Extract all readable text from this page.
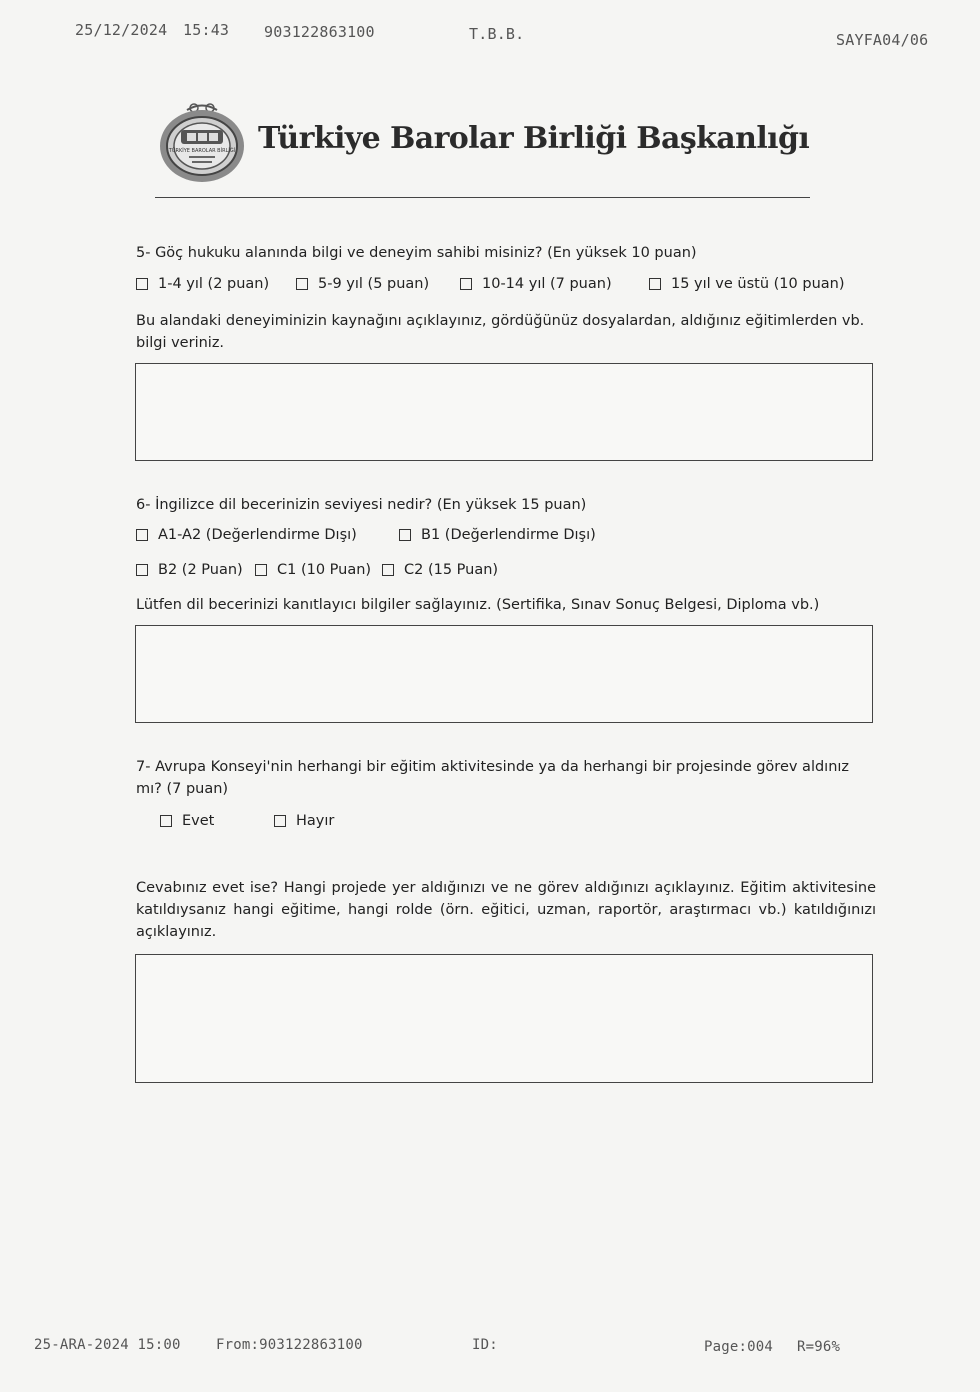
25/12/2024 15:43 903122863100	T.B.B.	SAYFA04/06
TÜRKİYE BAROLAR BİRLİĞİ Türkiye Barolar Birliği Başkanlığı
5- Göç hukuku alanında bilgi ve deneyim sahibi misiniz? (En yüksek 10 puan)
1-4 yıl (2 puan)	5-9 yıl (5 puan)	10-14 yıl (7 puan)	15 yıl ve üstü (10 puan)
Bu alandaki deneyiminizin kaynağını açıklayınız, gördüğünüz dosyalardan, aldığınız eğitimlerden vb. bilgi veriniz.
6- İngilizce dil becerinizin seviyesi nedir? (En yüksek 15 puan)
A1-A2 (Değerlendirme Dışı)	B1 (Değerlendirme Dışı)
B2 (2 Puan) C1 (10 Puan) C2 (15 Puan)
Lütfen dil becerinizi kanıtlayıcı bilgiler sağlayınız. (Sertifika, Sınav Sonuç Belgesi, Diploma vb.)
7- Avrupa Konseyi'nin herhangi bir eğitim aktivitesinde ya da herhangi bir projesinde görev aldınız mı? (7 puan)
Evet	Hayır
Cevabınız evet ise? Hangi projede yer aldığınızı ve ne görev aldığınızı açıklayınız. Eğitim aktivitesine katıldıysanız hangi eğitime, hangi rolde (örn. eğitici, uzman, raportör, araştırmacı vb.) katıldığınızı açıklayınız.
25-ARA-2024 15:00	From:903122863100	ID:	Page:004 R=96%
